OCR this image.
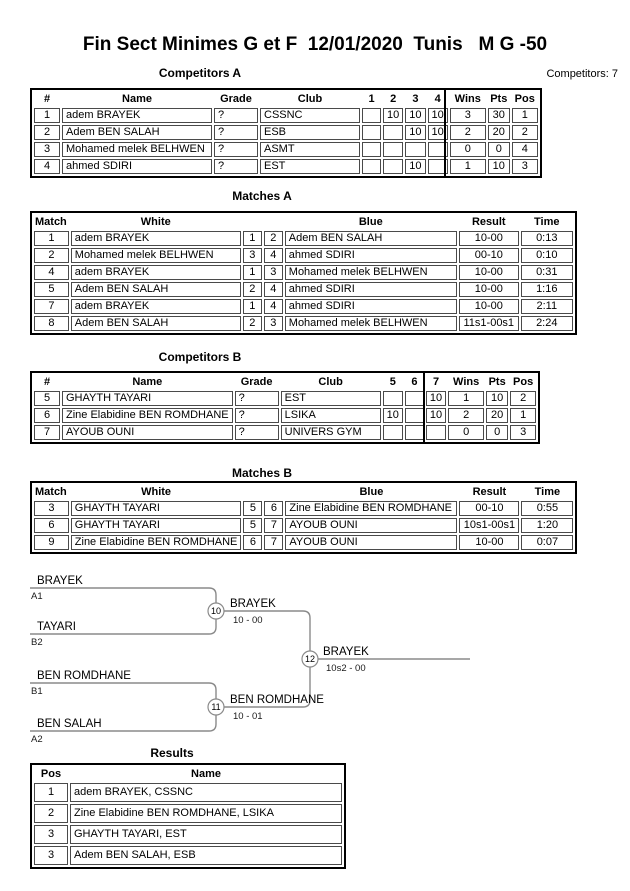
Fin Sect Minimes G et F  12/01/2020  Tunis   M G -50
Competitors: 7
Competitors A
#	Name	Grade	Club	1	2	3	4	Wins	Pts	Pos
1	adem BRAYEK	?	CSSNC		10	10	10	3	30	1
2	Adem BEN SALAH	?	ESB			10	10	2	20	2
3	Mohamed melek BELHWEN	?	ASMT					0	0	4
4	ahmed SDIRI	?	EST			10		1	10	3
Matches A
Match	White			Blue	Result	Time
1	adem BRAYEK	1	2	Adem BEN SALAH	10-00	0:13
2	Mohamed melek BELHWEN	3	4	ahmed SDIRI	00-10	0:10
4	adem BRAYEK	1	3	Mohamed melek BELHWEN	10-00	0:31
5	Adem BEN SALAH	2	4	ahmed SDIRI	10-00	1:16
7	adem BRAYEK	1	4	ahmed SDIRI	10-00	2:11
8	Adem BEN SALAH	2	3	Mohamed melek BELHWEN	11s1-00s1	2:24
Competitors B
#	Name	Grade	Club	5	6	7	Wins	Pts	Pos
5	GHAYTH TAYARI	?	EST			10	1	10	2
6	Zine Elabidine BEN ROMDHANE	?	LSIKA	10		10	2	20	1
7	AYOUB OUNI	?	UNIVERS GYM				0	0	3
Matches B
Match	White			Blue	Result	Time
3	GHAYTH TAYARI	5	6	Zine Elabidine BEN ROMDHANE	00-10	0:55
6	GHAYTH TAYARI	5	7	AYOUB OUNI	10s1-00s1	1:20
9	Zine Elabidine BEN ROMDHANE	6	7	AYOUB OUNI	10-00	0:07
BRAYEK
A1
TAYARI
B2
BEN ROMDHANE
B1
BEN SALAH
A2
BRAYEK
10 - 00
BEN ROMDHANE
10 - 01
BRAYEK
10s2 - 00
10
11
12
Results
Pos	Name
1	adem BRAYEK, CSSNC
2	Zine Elabidine BEN ROMDHANE, LSIKA
3	GHAYTH TAYARI, EST
3	Adem BEN SALAH, ESB
